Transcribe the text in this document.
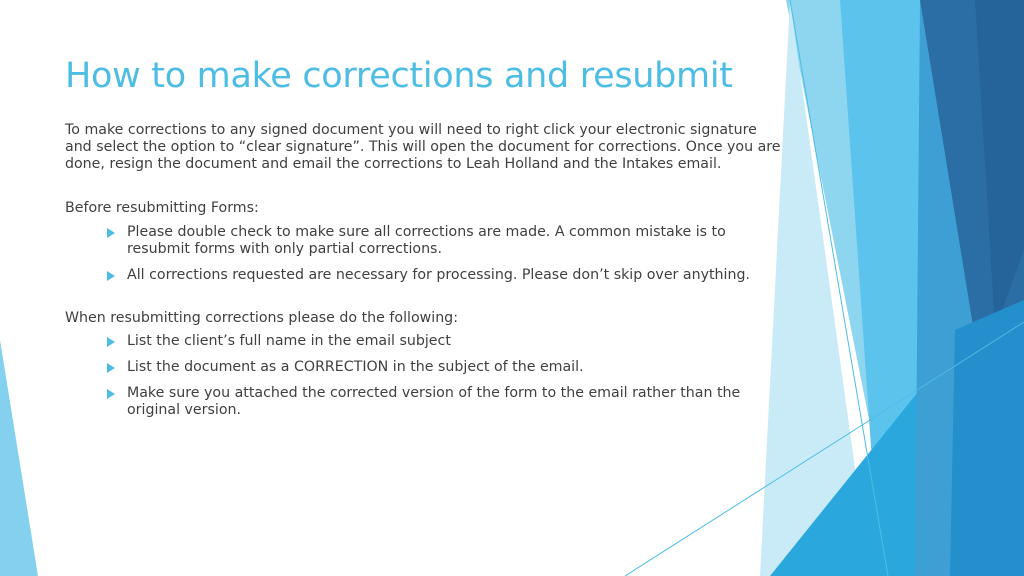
How to make corrections and resubmit

To make corrections to any signed document you will need to right click your electronic signature and select the option to “clear signature”. This will open the document for corrections. Once you are done, resign the document and email the corrections to Leah Holland and the Intakes email.

Before resubmitting Forms:

Please double check to make sure all corrections are made. A common mistake is to resubmit forms with only partial corrections.
All corrections requested are necessary for processing. Please don’t skip over anything.

When resubmitting corrections please do the following:

List the client’s full name in the email subject
List the document as a CORRECTION in the subject of the email.
Make sure you attached the corrected version of the form to the email rather than the original version.
